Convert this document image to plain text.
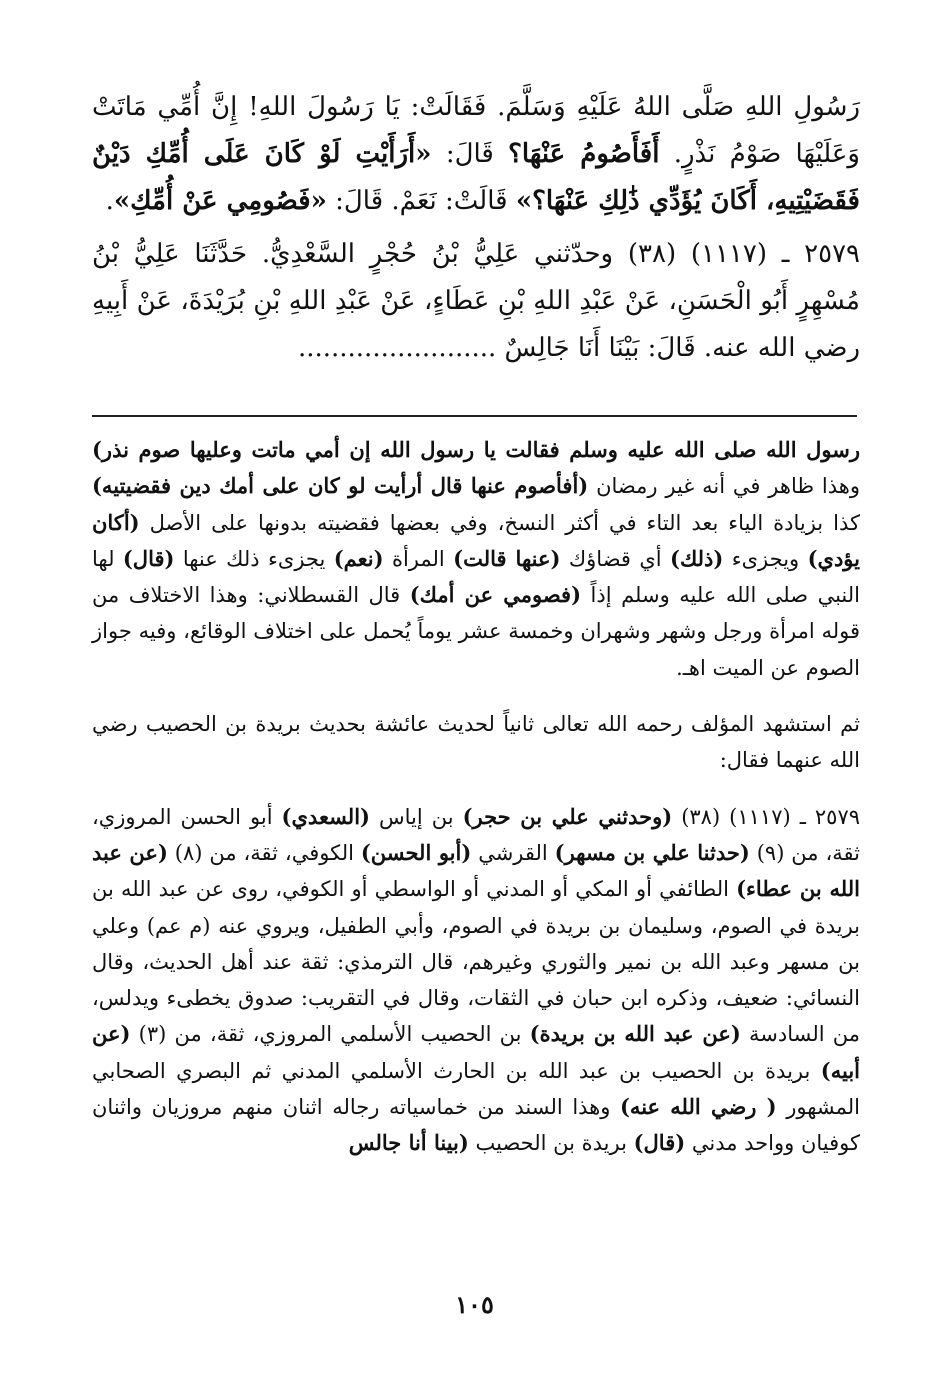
رَسُولِ اللهِ صَلَّى اللهُ عَلَيْهِ وَسَلَّمَ. فَقَالَتْ: يَا رَسُولَ اللهِ! إِنَّ أُمِّي مَاتَتْ وَعَلَيْهَا صَوْمُ نَذْرٍ. أَفَأَصُومُ عَنْهَا؟ قَالَ: «أَرَأَيْتِ لَوْ كَانَ عَلَى أُمِّكِ دَيْنٌ فَقَضَيْتِيهِ، أَكَانَ يُؤَدِّي ذَٰلِكِ عَنْهَا؟» قَالَتْ: نَعَمْ. قَالَ: «فَصُومِي عَنْ أُمِّكِ».

٢٥٧٩ ـ (١١١٧) (٣٨) وحدّثني عَلِيُّ بْنُ حُجْرٍ السَّعْدِيُّ. حَدَّثَنَا عَلِيُّ بْنُ مُسْهِرٍ أَبُو الْحَسَنِ، عَنْ عَبْدِ اللهِ بْنِ عَطَاءٍ، عَنْ عَبْدِ اللهِ بْنِ بُرَيْدَةَ، عَنْ أَبِيهِ رضي الله عنه. قَالَ: بَيْنَا أَنَا جَالِسٌ ........................

رسول الله صلى الله عليه وسلم فقالت يا رسول الله إن أمي ماتت وعليها صوم نذر) وهذا ظاهر في أنه غير رمضان (أفأصوم عنها قال أرأيت لو كان على أمك دين فقضيتيه) كذا بزيادة الياء بعد التاء في أكثر النسخ، وفي بعضها فقضيته بدونها على الأصل (أكان يؤدي) ويجزىء (ذلك) أي قضاؤك (عنها قالت) المرأة (نعم) يجزىء ذلك عنها (قال) لها النبي صلى الله عليه وسلم إذاً (فصومي عن أمك) قال القسطلاني: وهذا الاختلاف من قوله امرأة ورجل وشهر وشهران وخمسة عشر يوماً يُحمل على اختلاف الوقائع، وفيه جواز الصوم عن الميت اهـ.

ثم استشهد المؤلف رحمه الله تعالى ثانياً لحديث عائشة بحديث بريدة بن الحصيب رضي الله عنهما فقال:

٢٥٧٩ ـ (١١١٧) (٣٨) (وحدثني علي بن حجر) بن إياس (السعدي) أبو الحسن المروزي، ثقة، من (٩) (حدثنا علي بن مسهر) القرشي (أبو الحسن) الكوفي، ثقة، من (٨) (عن عبد الله بن عطاء) الطائفي أو المكي أو المدني أو الواسطي أو الكوفي، روى عن عبد الله بن بريدة في الصوم، وسليمان بن بريدة في الصوم، وأبي الطفيل، ويروي عنه (م عم) وعلي بن مسهر وعبد الله بن نمير والثوري وغيرهم، قال الترمذي: ثقة عند أهل الحديث، وقال النسائي: ضعيف، وذكره ابن حبان في الثقات، وقال في التقريب: صدوق يخطىء ويدلس، من السادسة (عن عبد الله بن بريدة) بن الحصيب الأسلمي المروزي، ثقة، من (٣) (عن أبيه) بريدة بن الحصيب بن عبد الله بن الحارث الأسلمي المدني ثم البصري الصحابي المشهور ( رضي الله عنه) وهذا السند من خماسياته رجاله اثنان منهم مروزيان واثنان كوفيان وواحد مدني (قال) بريدة بن الحصيب (بينا أنا جالس

١٠٥
